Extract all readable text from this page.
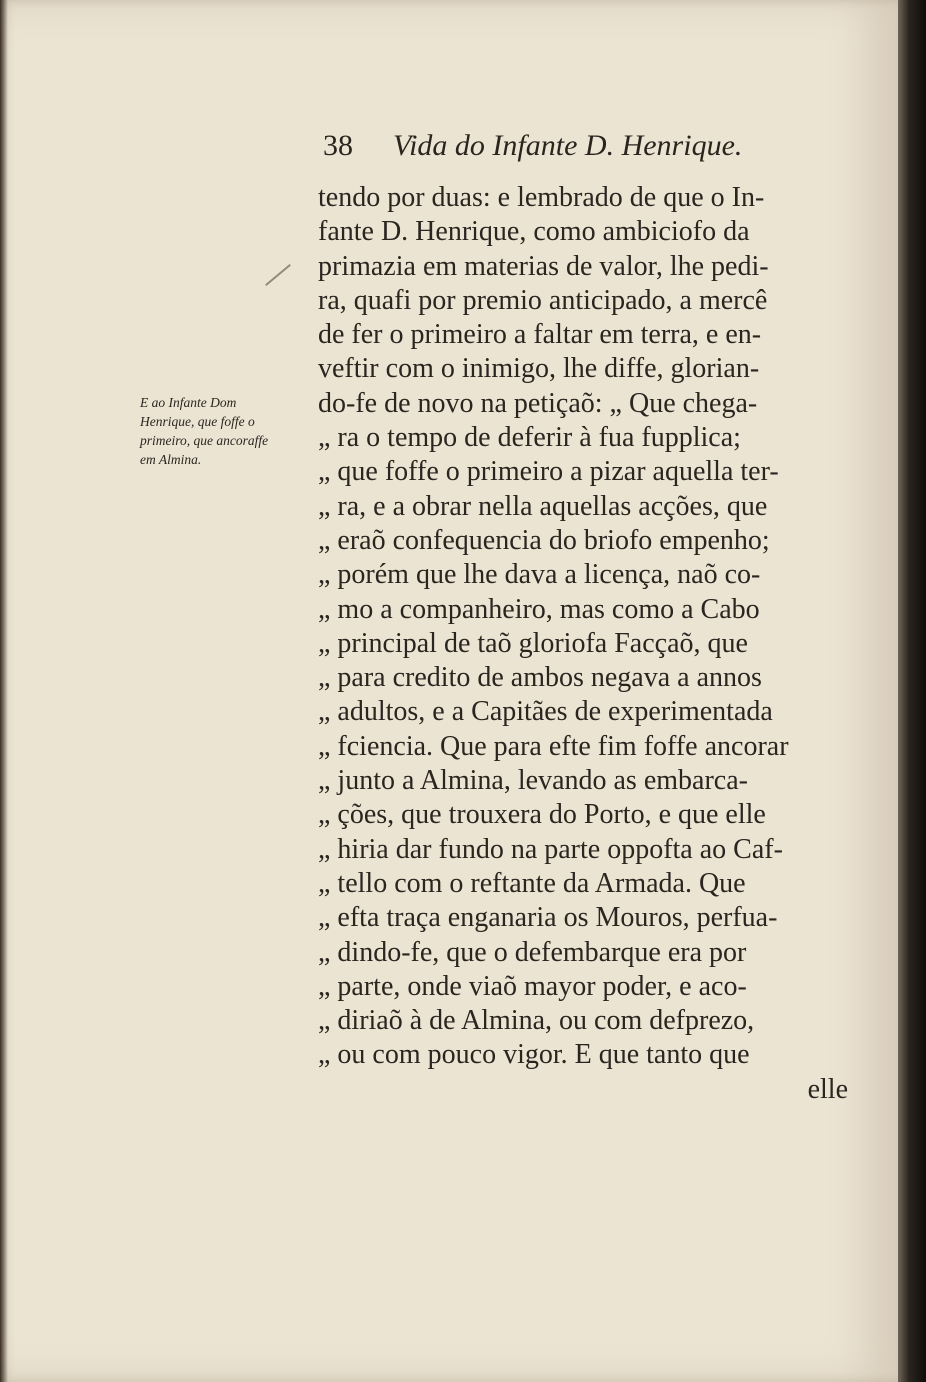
38 Vida do Infante D. Henrique.
E ao Infante Dom
Henrique, que foffe o
primeiro, que ancoraffe
em Almina.
tendo por duas: e lembrado de que o In-
fante D. Henrique, como ambiciofo da
primazia em materias de valor, lhe pedi-
ra, quafi por premio anticipado, a mercê
de fer o primeiro a faltar em terra, e en-
veftir com o inimigo, lhe diffe, glorian-
do-fe de novo na petiçaõ: „ Que chega-
„ ra o tempo de deferir à fua fupplica;
„ que foffe o primeiro a pizar aquella ter-
„ ra, e a obrar nella aquellas acções, que
„ eraõ confequencia do briofo empenho;
„ porém que lhe dava a licença, naõ co-
„ mo a companheiro, mas como a Cabo
„ principal de taõ gloriofa Facçaõ, que
„ para credito de ambos negava a annos
„ adultos, e a Capitães de experimentada
„ fciencia. Que para efte fim foffe ancorar
„ junto a Almina, levando as embarca-
„ ções, que trouxera do Porto, e que elle
„ hiria dar fundo na parte oppofta ao Caf-
„ tello com o reftante da Armada. Que
„ efta traça enganaria os Mouros, perfua-
„ dindo-fe, que o defembarque era por
„ parte, onde viaõ mayor poder, e aco-
„ diriaõ à de Almina, ou com defprezo,
„ ou com pouco vigor. E que tanto que
elle
